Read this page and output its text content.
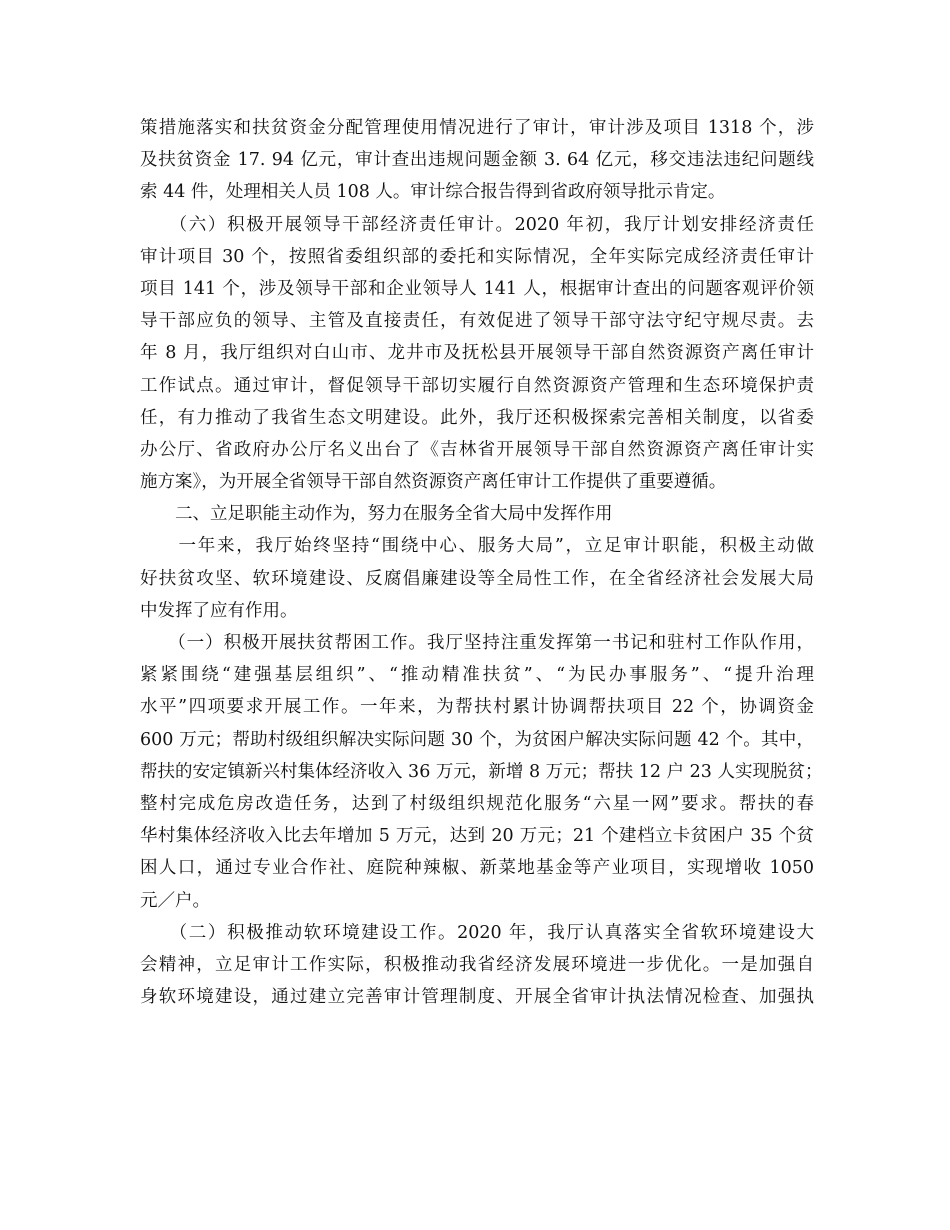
策措施落实和扶贫资金分配管理使用情况进行了审计，审计涉及项目 1318 个，涉
及扶贫资金 17. 94 亿元，审计查出违规问题金额 3. 64 亿元，移交违法违纪问题线
索 44 件，处理相关人员 108 人。审计综合报告得到省政府领导批示肯定。
　　（六）积极开展领导干部经济责任审计。2020 年初，我厅计划安排经济责任
审计项目 30 个，按照省委组织部的委托和实际情况，全年实际完成经济责任审计
项目 141 个，涉及领导干部和企业领导人 141 人，根据审计查出的问题客观评价领
导干部应负的领导、主管及直接责任，有效促进了领导干部守法守纪守规尽责。去
年 8 月，我厅组织对白山市、龙井市及抚松县开展领导干部自然资源资产离任审计
工作试点。通过审计，督促领导干部切实履行自然资源资产管理和生态环境保护责
任，有力推动了我省生态文明建设。此外，我厅还积极探索完善相关制度，以省委
办公厅、省政府办公厅名义出台了《吉林省开展领导干部自然资源资产离任审计实
施方案》，为开展全省领导干部自然资源资产离任审计工作提供了重要遵循。
　　二、立足职能主动作为，努力在服务全省大局中发挥作用
　　一年来，我厅始终坚持“围绕中心、服务大局”，立足审计职能，积极主动做
好扶贫攻坚、软环境建设、反腐倡廉建设等全局性工作，在全省经济社会发展大局
中发挥了应有作用。
　　（一）积极开展扶贫帮困工作。我厅坚持注重发挥第一书记和驻村工作队作用，
紧紧围绕“建强基层组织”、“推动精准扶贫”、“为民办事服务”、“提升治理
水平”四项要求开展工作。一年来，为帮扶村累计协调帮扶项目 22 个，协调资金
600 万元；帮助村级组织解决实际问题 30 个，为贫困户解决实际问题 42 个。其中，
帮扶的安定镇新兴村集体经济收入 36 万元，新增 8 万元；帮扶 12 户 23 人实现脱贫；
整村完成危房改造任务，达到了村级组织规范化服务“六星一网”要求。帮扶的春
华村集体经济收入比去年增加 5 万元，达到 20 万元；21 个建档立卡贫困户 35 个贫
困人口，通过专业合作社、庭院种辣椒、新菜地基金等产业项目，实现增收 1050
元／户。
　　（二）积极推动软环境建设工作。2020 年，我厅认真落实全省软环境建设大
会精神，立足审计工作实际，积极推动我省经济发展环境进一步优化。一是加强自
身软环境建设，通过建立完善审计管理制度、开展全省审计执法情况检查、加强执
